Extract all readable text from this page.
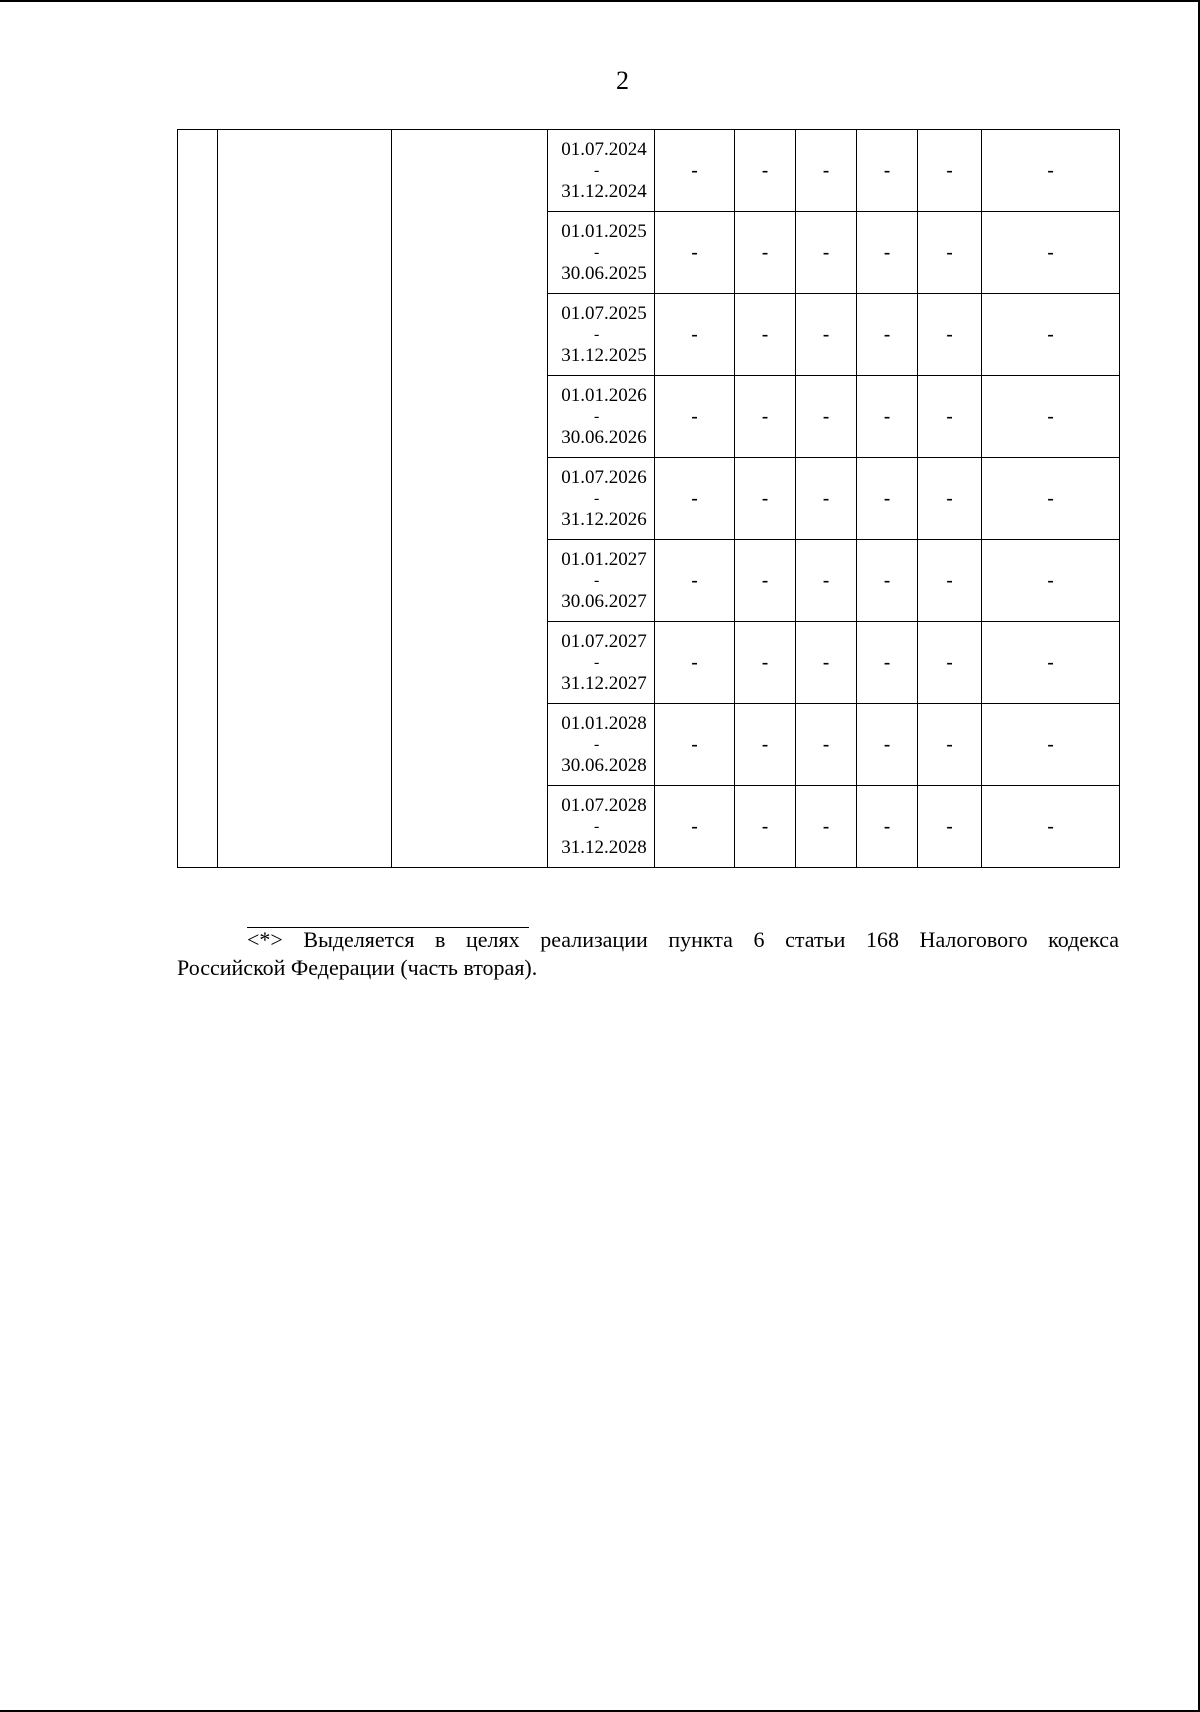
2

			01.07.2024
-
31.12.2024	-	-	-	-	-	-

			01.01.2025
-
30.06.2025	-	-	-	-	-	-

			01.07.2025
-
31.12.2025	-	-	-	-	-	-

			01.01.2026
-
30.06.2026	-	-	-	-	-	-

			01.07.2026
-
31.12.2026	-	-	-	-	-	-

			01.01.2027
-
30.06.2027	-	-	-	-	-	-

			01.07.2027
-
31.12.2027	-	-	-	-	-	-

			01.01.2028
-
30.06.2028	-	-	-	-	-	-

			01.07.2028
-
31.12.2028	-	-	-	-	-	-
<*> Выделяется в целях реализации пункта 6 статьи 168 Налогового кодекса
Российской Федерации (часть вторая).
